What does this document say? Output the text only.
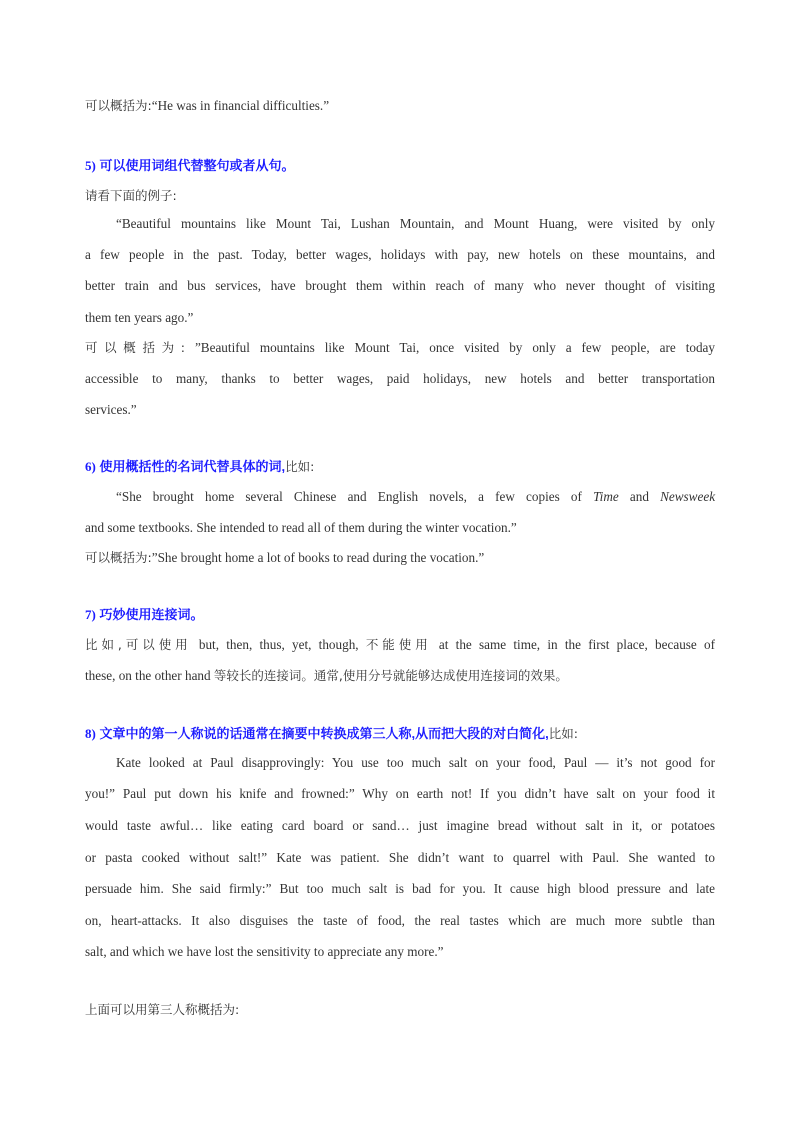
可以概括为:“He was in financial difficulties.”
5) 可以使用词组代替整句或者从句。
请看下面的例子:
“Beautiful mountains like Mount Tai, Lushan Mountain, and Mount Huang, were visited by only
a few people in the past. Today, better wages, holidays with pay, new hotels on these mountains, and
better train and bus services, have brought them within reach of many who never thought of visiting
them ten years ago.”
可以概括为: ”Beautiful mountains like Mount Tai, once visited by only a few people, are today
accessible to many, thanks to better wages, paid holidays, new hotels and better transportation
services.”
6) 使用概括性的名词代替具体的词,比如:
“She brought home several Chinese and English novels, a few copies of Time and Newsweek
and some textbooks. She intended to read all of them during the winter vocation.”
可以概括为:”She brought home a lot of books to read during the vocation.”
7) 巧妙使用连接词。
比如,可以使用 but, then, thus, yet, though, 不能使用 at the same time, in the first place, because of
these, on the other hand 等较长的连接词。通常,使用分号就能够达成使用连接词的效果。
8) 文章中的第一人称说的话通常在摘要中转换成第三人称,从而把大段的对白简化,比如:
Kate looked at Paul disapprovingly: You use too much salt on your food, Paul — it’s not good for
you!” Paul put down his knife and frowned:” Why on earth not! If you didn’t have salt on your food it
would taste awful… like eating card board or sand… just imagine bread without salt in it, or potatoes
or pasta cooked without salt!” Kate was patient. She didn’t want to quarrel with Paul. She wanted to
persuade him. She said firmly:” But too much salt is bad for you. It cause high blood pressure and late
on, heart-attacks. It also disguises the taste of food, the real tastes which are much more subtle than
salt, and which we have lost the sensitivity to appreciate any more.”
上面可以用第三人称概括为:
